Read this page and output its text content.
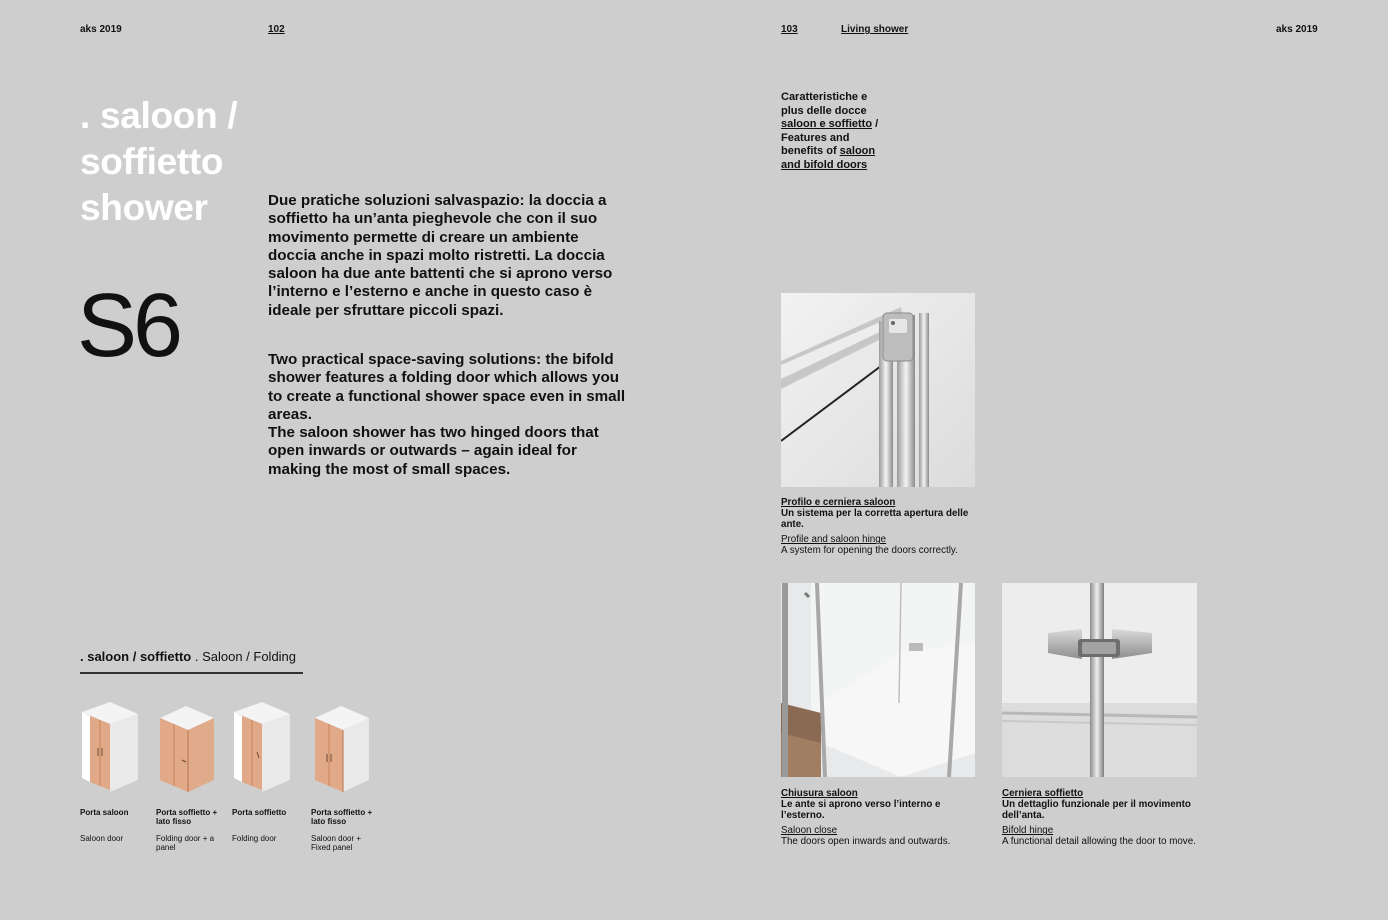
aks 2019	102	103	Living shower	aks 2019
. saloon /
soffietto
shower
S6
Due pratiche soluzioni salvaspazio: la doccia a soffietto ha un’anta pieghevole che con il suo movimento permette di creare un ambiente doccia anche in spazi molto ristretti. La doccia saloon ha due ante battenti che si aprono verso l’interno e l’esterno e anche in questo caso è ideale per sfruttare piccoli spazi.
Two practical space-saving solutions: the bifold shower features a folding door which allows you to create a functional shower space even in small areas.
The saloon shower has two hinged doors that open inwards or outwards – again ideal for making the most of small spaces.
Caratteristiche e plus delle docce saloon e soffietto / Features and benefits of saloon and bifold doors
Profilo e cerniera saloon
Un sistema per la corretta apertura delle ante.
Profile and saloon hinge
A system for opening the doors correctly.
Chiusura saloon
Le ante si aprono verso l’interno e l’esterno.
Saloon close
The doors open inwards and outwards.
Cerniera soffietto
Un dettaglio funzionale per il movimento dell’anta.
Bifold hinge
A functional detail allowing the door to move.
. saloon / soffietto . Saloon / Folding
Porta saloon
Saloon door
Porta soffietto + lato fisso
Folding door + a panel
Porta soffietto
Folding door
Porta soffietto + lato fisso
Saloon door + Fixed panel
